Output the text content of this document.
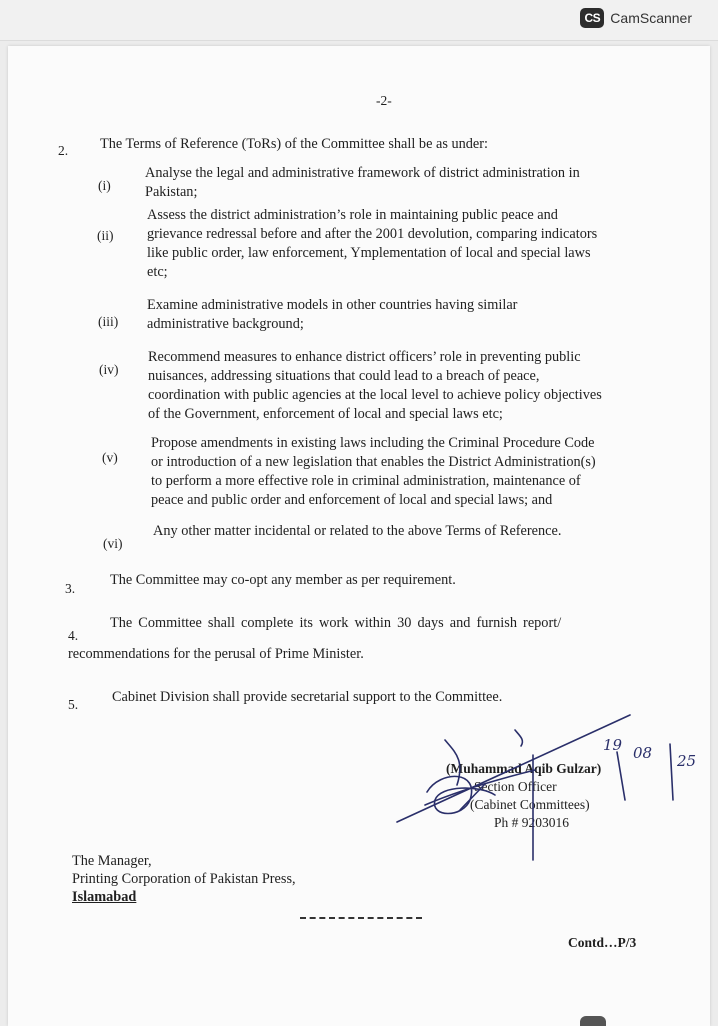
CS CamScanner
-2-
2. The Terms of Reference (ToRs) of the Committee shall be as under:
(i)
Analyse the legal and administrative framework of district administration in
Pakistan;
(ii)
Assess the district administration’s role in maintaining public peace and
grievance redressal before and after the 2001 devolution, comparing indicators
like public order, law enforcement, Ymplementation of local and special laws
etc;
(iii)
Examine administrative models in other countries having similar
administrative background;
(iv)
Recommend measures to enhance district officers’ role in preventing public
nuisances, addressing situations that could lead to a breach of peace,
coordination with public agencies at the local level to achieve policy objectives
of the Government, enforcement of local and special laws etc;
(v)
Propose amendments in existing laws including the Criminal Procedure Code
or introduction of a new legislation that enables the District Administration(s)
to perform a more effective role in criminal administration, maintenance of
peace and public order and enforcement of local and special laws; and
(vi)
Any other matter incidental or related to the above Terms of Reference.
3.
The Committee may co-opt any member as per requirement.
4.
The Committee shall complete its work within 30 days and furnish report/
recommendations for the perusal of Prime Minister.
5. Cabinet Division shall provide secretarial support to the Committee.
(Muhammad Aqib Gulzar)
Section Officer
(Cabinet Committees)
Ph # 9203016
The Manager,
Printing Corporation of Pakistan Press,
Islamabad
Contd…P/3
19 08 25
